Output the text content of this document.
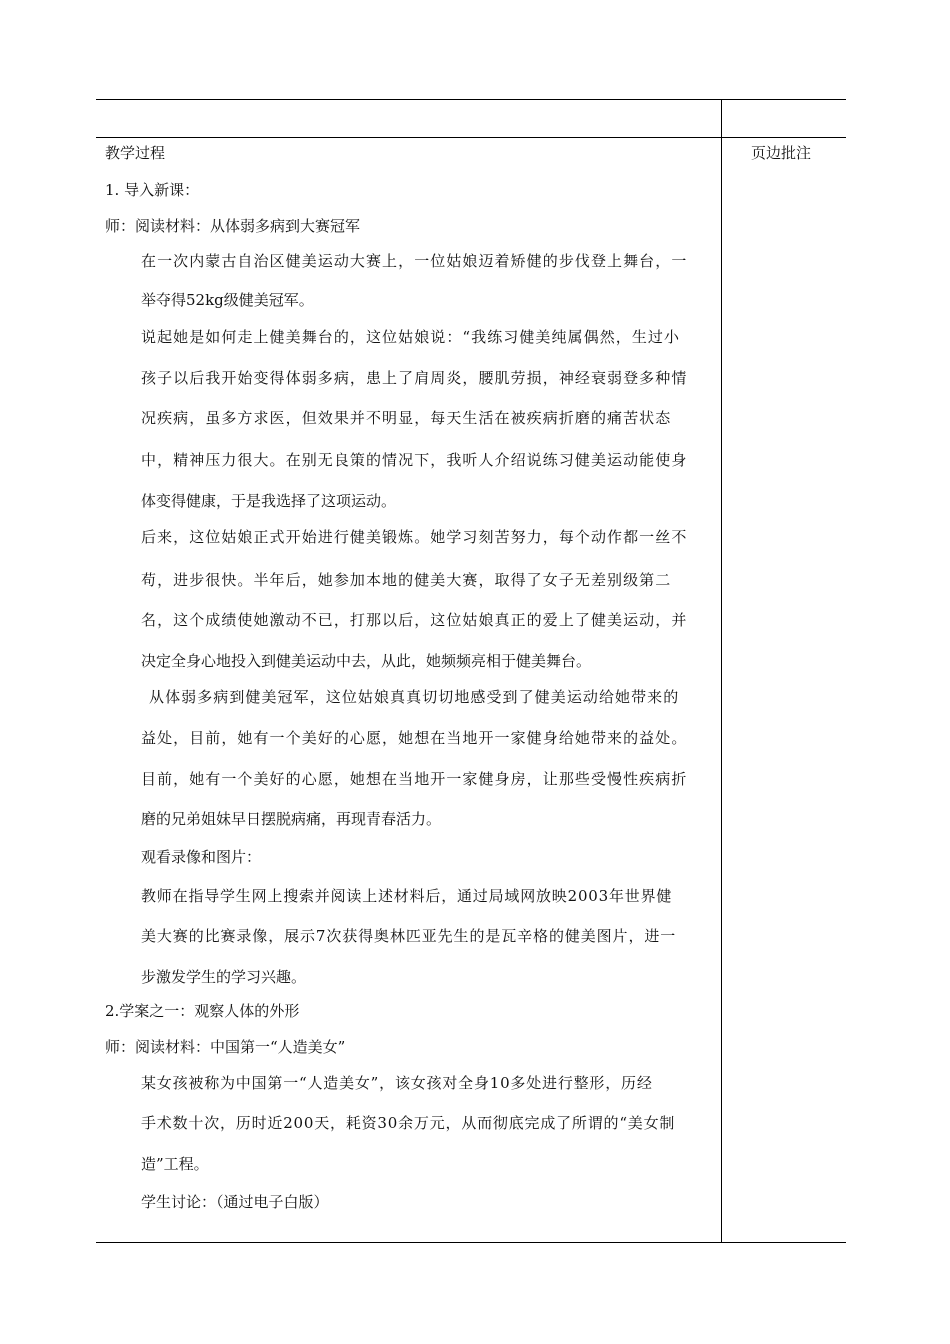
教学过程	页边批注
1. 导入新课：
师：阅读材料：从体弱多病到大赛冠军
在一次内蒙古自治区健美运动大赛上，一位姑娘迈着矫健的步伐登上舞台，一
举夺得52kg级健美冠军。
说起她是如何走上健美舞台的，这位姑娘说：“我练习健美纯属偶然，生过小
孩子以后我开始变得体弱多病，患上了肩周炎，腰肌劳损，神经衰弱登多种情
况疾病，虽多方求医，但效果并不明显，每天生活在被疾病折磨的痛苦状态
中，精神压力很大。在别无良策的情况下，我听人介绍说练习健美运动能使身
体变得健康，于是我选择了这项运动。
后来，这位姑娘正式开始进行健美锻炼。她学习刻苦努力，每个动作都一丝不
苟，进步很快。半年后，她参加本地的健美大赛，取得了女子无差别级第二
名，这个成绩使她激动不已，打那以后，这位姑娘真正的爱上了健美运动，并
决定全身心地投入到健美运动中去，从此，她频频亮相于健美舞台。
从体弱多病到健美冠军，这位姑娘真真切切地感受到了健美运动给她带来的
益处，目前，她有一个美好的心愿，她想在当地开一家健身给她带来的益处。
目前，她有一个美好的心愿，她想在当地开一家健身房，让那些受慢性疾病折
磨的兄弟姐妹早日摆脱病痛，再现青春活力。
观看录像和图片：
教师在指导学生网上搜索并阅读上述材料后，通过局域网放映2003年世界健
美大赛的比赛录像，展示7次获得奥林匹亚先生的是瓦辛格的健美图片，进一
步激发学生的学习兴趣。
2.学案之一：观察人体的外形
师：阅读材料：中国第一“人造美女”
某女孩被称为中国第一“人造美女”，该女孩对全身10多处进行整形，历经
手术数十次，历时近200天，耗资30余万元，从而彻底完成了所谓的“美女制
造”工程。
学生讨论：（通过电子白版）
